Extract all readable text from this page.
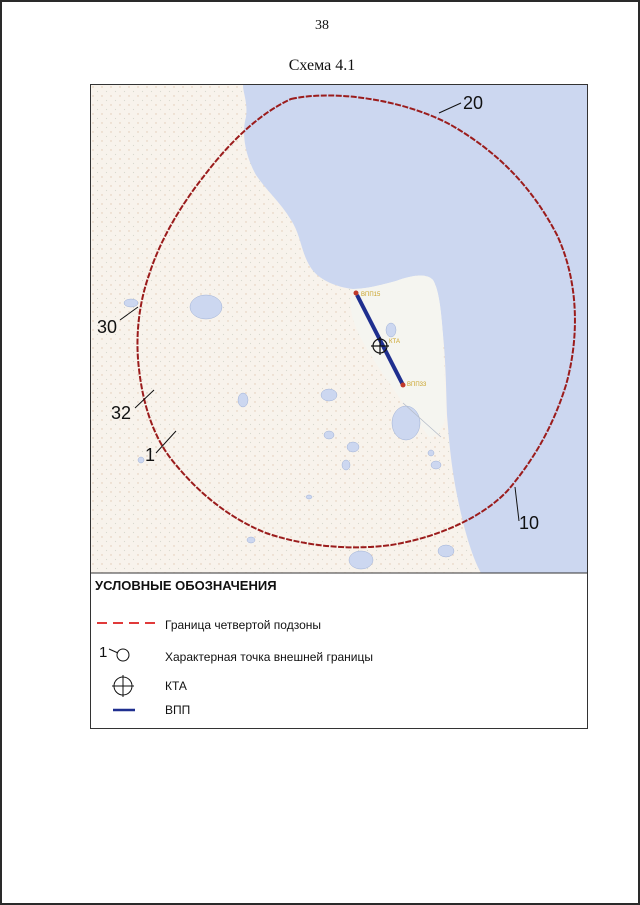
38
Схема 4.1
ВПП15
ВПП33
КТА
20
30
32
1
10
1
УСЛОВНЫЕ ОБОЗНАЧЕНИЯ
Граница четвертой подзоны
Характерная точка внешней границы
КТА
ВПП
